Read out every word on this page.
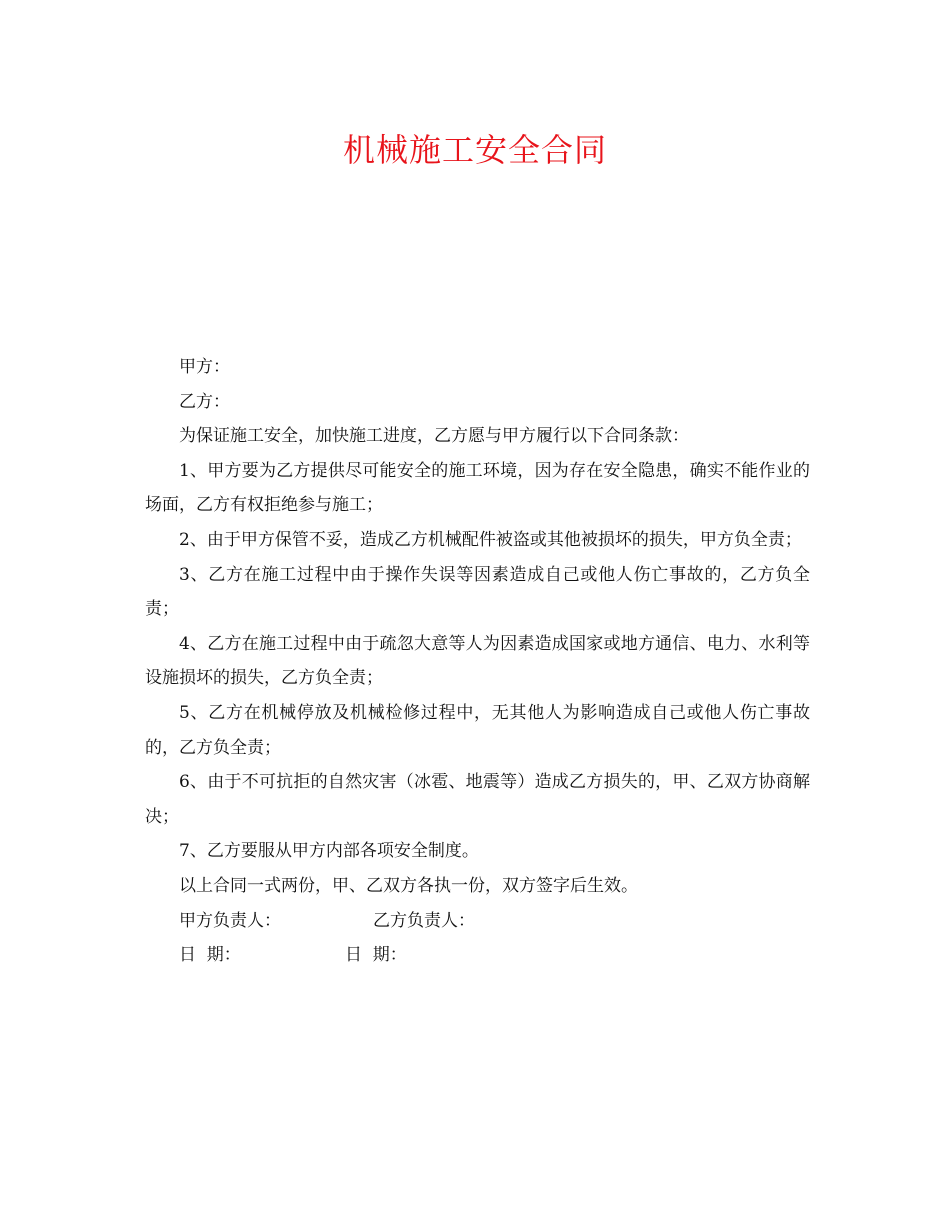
机械施工安全合同

甲方：

乙方：

为保证施工安全，加快施工进度，乙方愿与甲方履行以下合同条款：

1、甲方要为乙方提供尽可能安全的施工环境，因为存在安全隐患，确实不能作业的场面，乙方有权拒绝参与施工；

2、由于甲方保管不妥，造成乙方机械配件被盗或其他被损坏的损失，甲方负全责；

3、乙方在施工过程中由于操作失误等因素造成自己或他人伤亡事故的，乙方负全责；

4、乙方在施工过程中由于疏忽大意等人为因素造成国家或地方通信、电力、水利等设施损坏的损失，乙方负全责；

5、乙方在机械停放及机械检修过程中，无其他人为影响造成自己或他人伤亡事故的，乙方负全责；

6、由于不可抗拒的自然灾害（冰雹、地震等）造成乙方损失的，甲、乙双方协商解决；

7、乙方要服从甲方内部各项安全制度。

以上合同一式两份，甲、乙双方各执一份，双方签字后生效。

甲方负责人：	乙方负责人：

日  期：	日  期：
